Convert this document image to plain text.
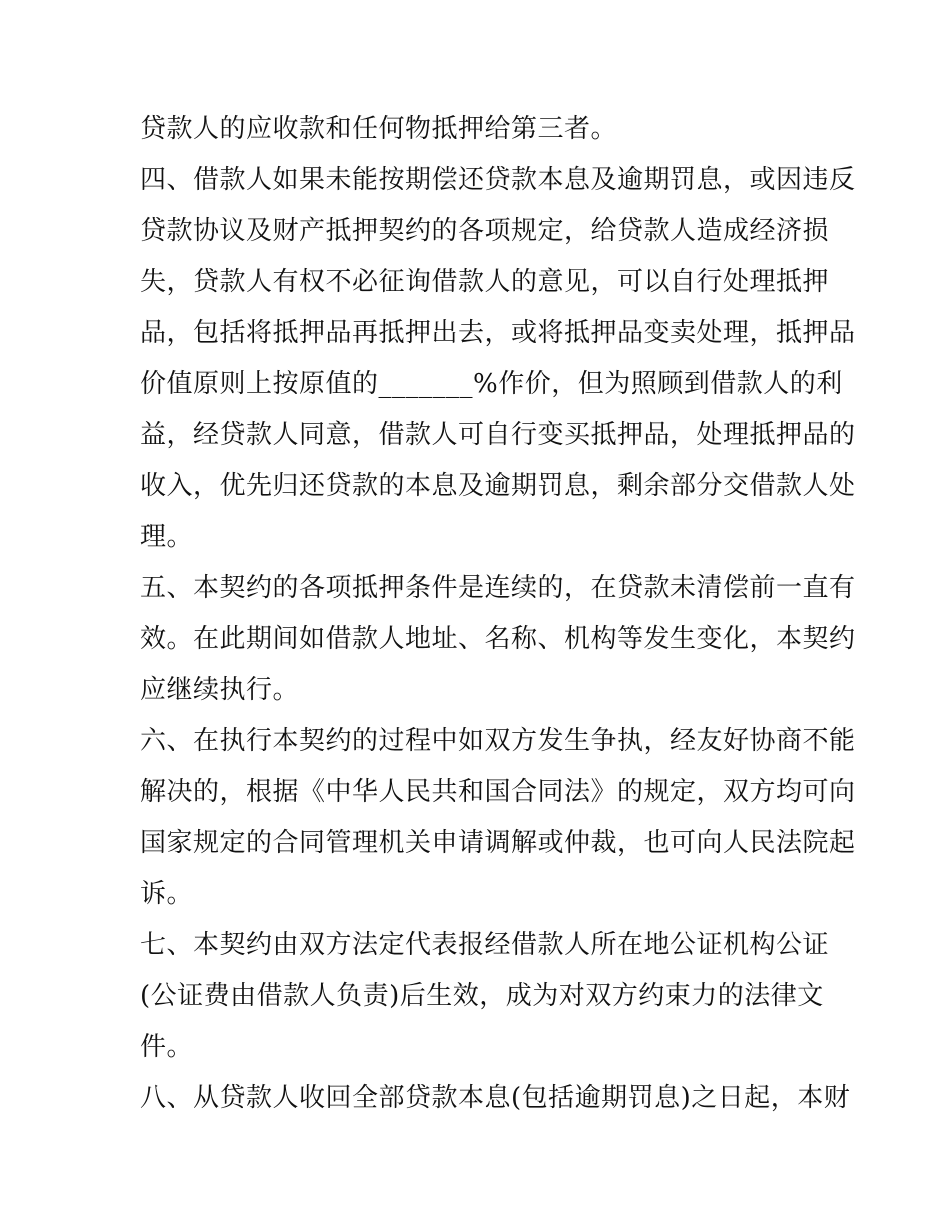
贷款人的应收款和任何物抵押给第三者。
四、借款人如果未能按期偿还贷款本息及逾期罚息，或因违反
贷款协议及财产抵押契约的各项规定，给贷款人造成经济损
失，贷款人有权不必征询借款人的意见，可以自行处理抵押
品，包括将抵押品再抵押出去，或将抵押品变卖处理，抵押品
价值原则上按原值的_______%作价，但为照顾到借款人的利
益，经贷款人同意，借款人可自行变买抵押品，处理抵押品的
收入，优先归还贷款的本息及逾期罚息，剩余部分交借款人处
理。
五、本契约的各项抵押条件是连续的，在贷款未清偿前一直有
效。在此期间如借款人地址、名称、机构等发生变化，本契约
应继续执行。
六、在执行本契约的过程中如双方发生争执，经友好协商不能
解决的，根据《中华人民共和国合同法》的规定，双方均可向
国家规定的合同管理机关申请调解或仲裁，也可向人民法院起
诉。
七、本契约由双方法定代表报经借款人所在地公证机构公证
(公证费由借款人负责)后生效，成为对双方约束力的法律文
件。
八、从贷款人收回全部贷款本息(包括逾期罚息)之日起，本财
